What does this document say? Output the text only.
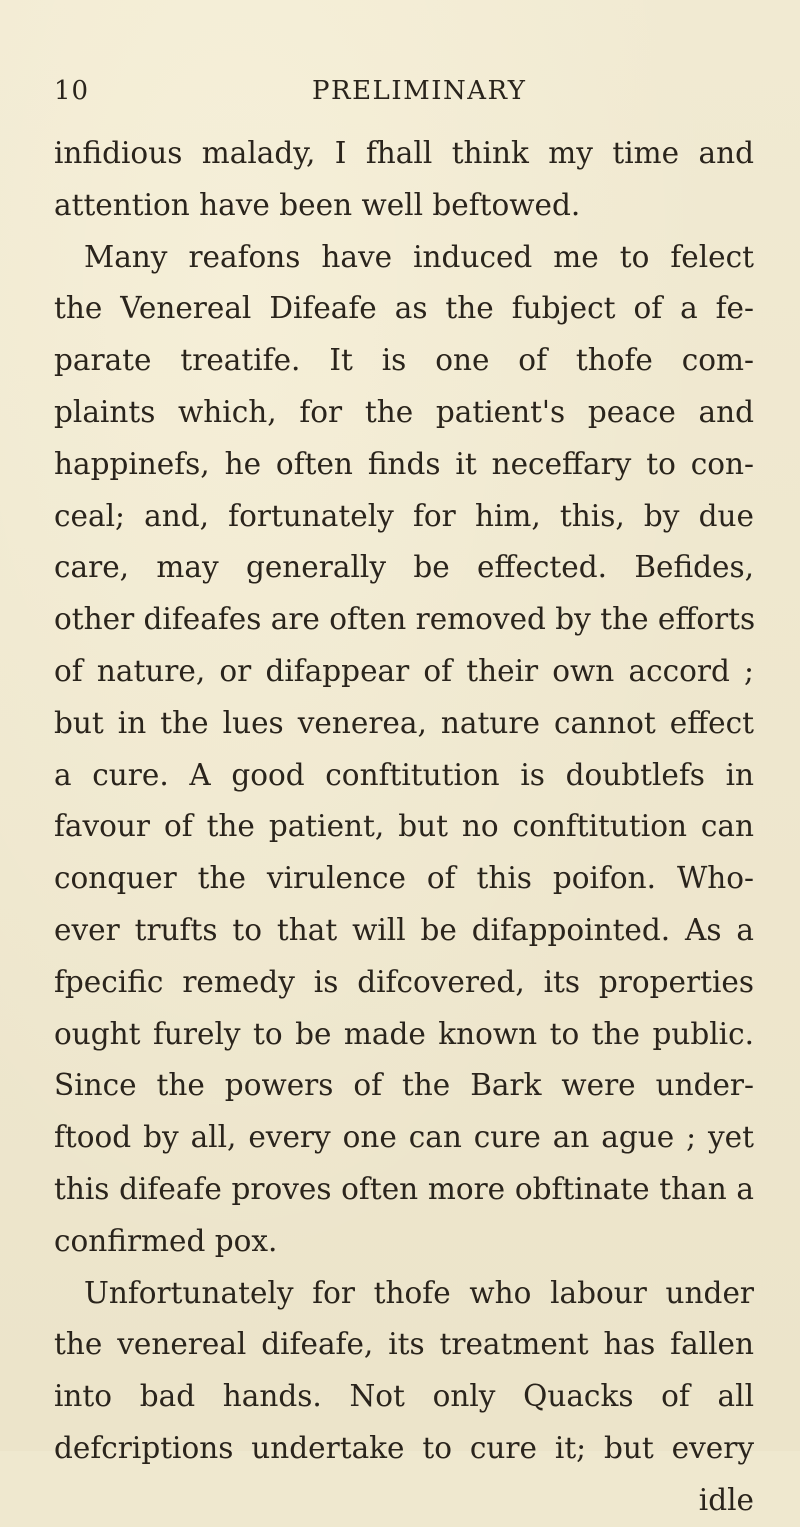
10	PRELIMINARY
infidious malady, I fhall think my time and
attention have been well beftowed.
Many reafons have induced me to felect
the Venereal Difeafe as the fubject of a fe-
parate treatife. It is one of thofe com-
plaints which, for the patient's peace and
happinefs, he often finds it neceffary to con-
ceal; and, fortunately for him, this, by due
care, may generally be effected. Befides,
other difeafes are often removed by the efforts
of nature, or difappear of their own accord ;
but in the lues venerea, nature cannot effect
a cure. A good conftitution is doubtlefs in
favour of the patient, but no conftitution can
conquer the virulence of this poifon. Who-
ever trufts to that will be difappointed. As a
fpecific remedy is difcovered, its properties
ought furely to be made known to the public.
Since the powers of the Bark were under-
ftood by all, every one can cure an ague ; yet
this difeafe proves often more obftinate than a
confirmed pox.
Unfortunately for thofe who labour under
the venereal difeafe, its treatment has fallen
into bad hands. Not only Quacks of all
defcriptions undertake to cure it; but every
idle
